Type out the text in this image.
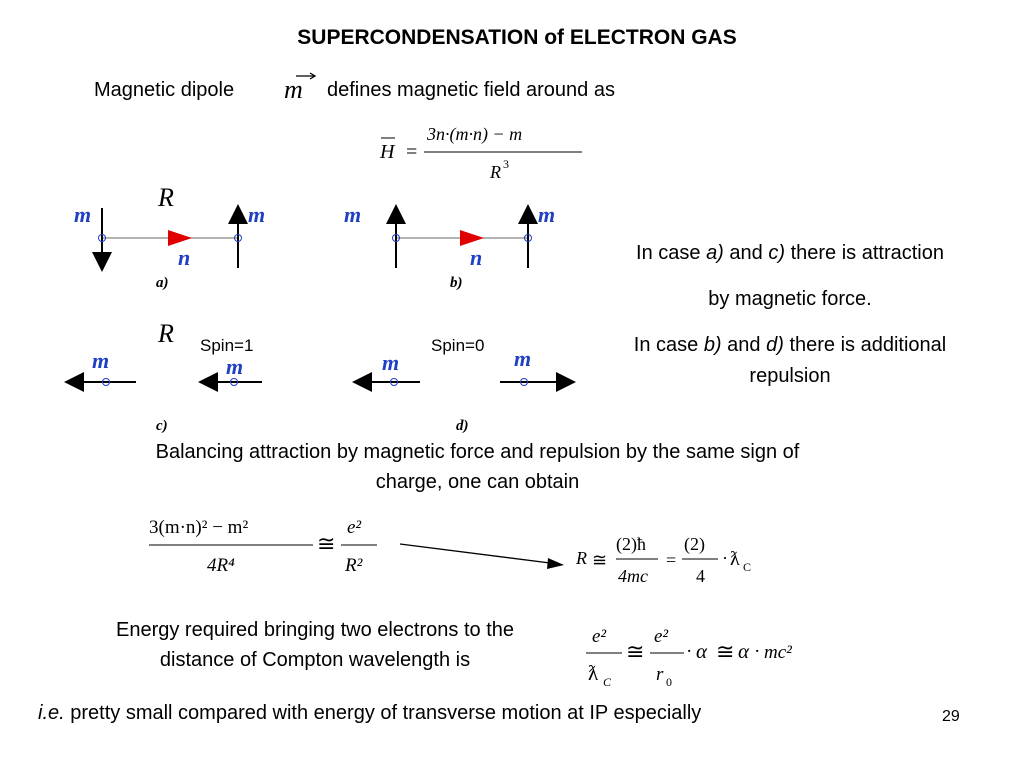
SUPERCONDENSATION of ELECTRON GAS
Magnetic dipole m defines magnetic field around as
H =
3n·(m·n) − m
R 3
R
m	m
n
a)
m	m
n
b)
R
m	m
c)
m	m
d)
Spin=1	Spin=0
In case a) and c) there is attraction
by magnetic force.
In case b) and d) there is additional
repulsion
Balancing attraction by magnetic force and repulsion by the same sign of
charge, one can obtain
3(m·n)² − m²
4R⁴
≅
e²
R²	R ≅
(2)ħ
4mc
=
(2)
4
· ƛ C
Energy required bringing two electrons to the
distance of Compton wavelength is
e²
ƛ C
≅
e²
r 0
· α ≅ α · mc²
i.e. pretty small compared with energy of transverse motion at IP especially	29
